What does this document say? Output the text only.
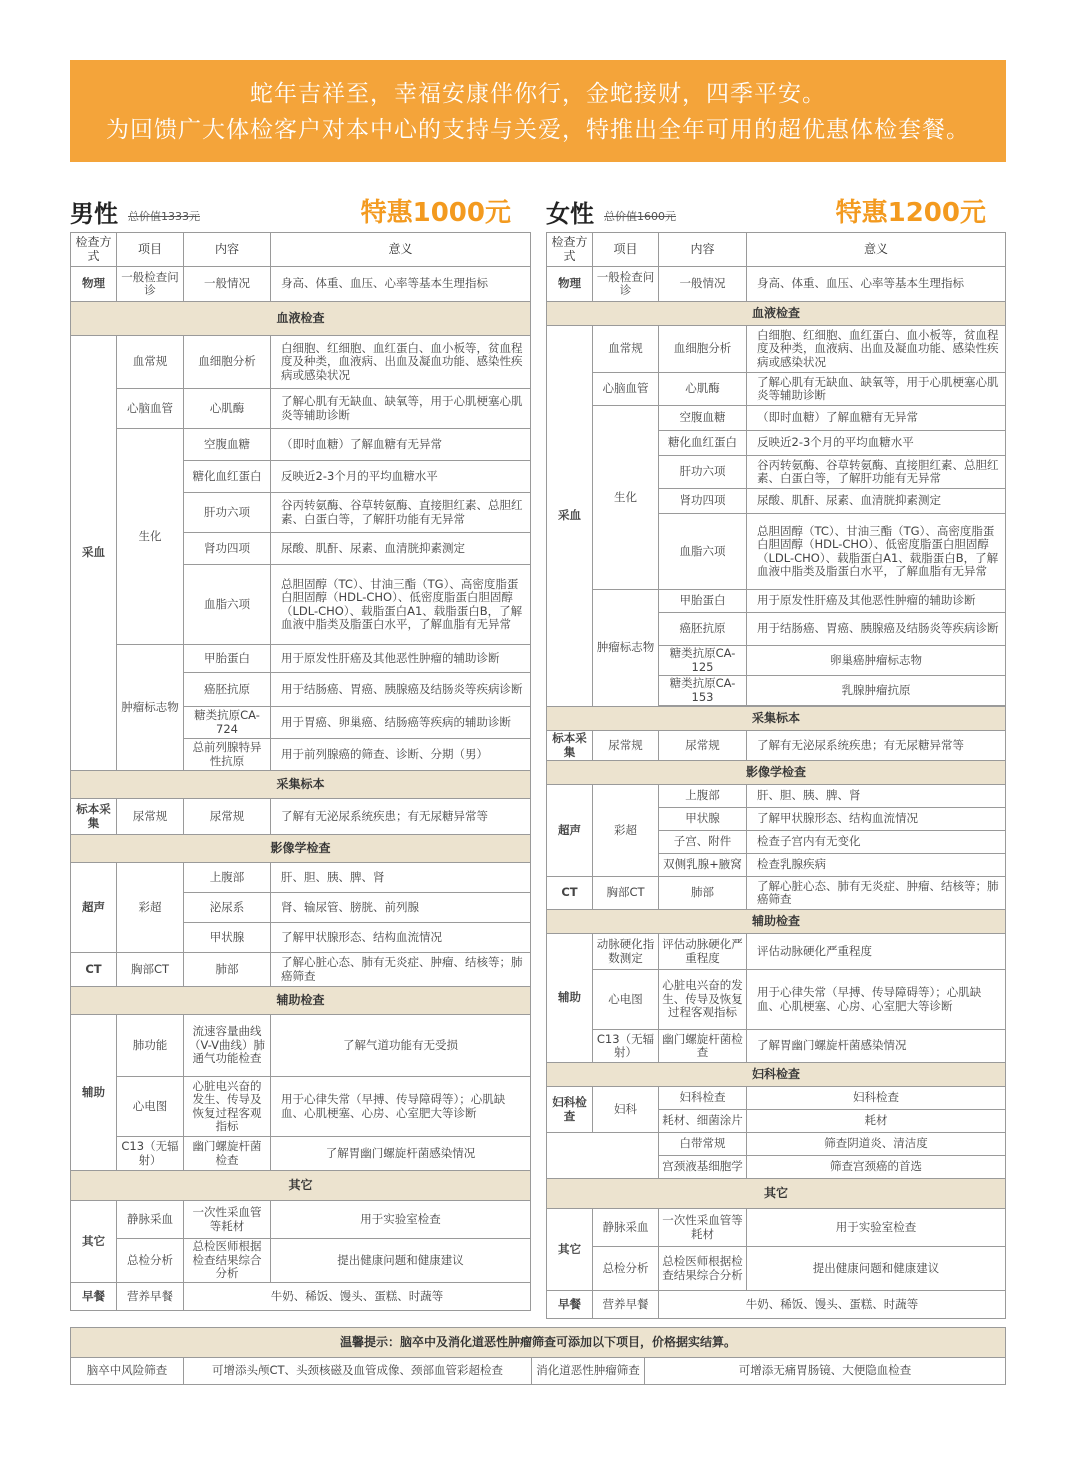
蛇年吉祥至，幸福安康伴你行，金蛇接财，四季平安。
为回馈广大体检客户对本中心的支持与关爱，特推出全年可用的超优惠体检套餐。
男性 总价值1333元	特惠1000元
检查方式	项目	内容	意义
物理	一般检查问诊	一般情况	身高、体重、血压、心率等基本生理指标
血液检查			
采血	血常规	血细胞分析	白细胞、红细胞、血红蛋白、血小板等，贫血程度及种类，血液病、出血及凝血功能、感染性疾病或感染状况
	心脑血管	心肌酶	了解心肌有无缺血、缺氧等，用于心肌梗塞心肌炎等辅助诊断
	生化	空腹血糖	（即时血糖）了解血糖有无异常
		糖化血红蛋白	反映近2-3个月的平均血糖水平
		肝功六项	谷丙转氨酶、谷草转氨酶、直接胆红素、总胆红素、白蛋白等，了解肝功能有无异常
		肾功四项	尿酸、肌酐、尿素、血清胱抑素测定
		血脂六项	总胆固醇（TC）、甘油三酯（TG）、高密度脂蛋白胆固醇（HDL-CHO）、低密度脂蛋白胆固醇（LDL-CHO）、载脂蛋白A1、载脂蛋白B，了解血液中脂类及脂蛋白水平，了解血脂有无异常
	肿瘤标志物	甲胎蛋白	用于原发性肝癌及其他恶性肿瘤的辅助诊断
		癌胚抗原	用于结肠癌、胃癌、胰腺癌及结肠炎等疾病诊断
		糖类抗原CA-724	用于胃癌、卵巢癌、结肠癌等疾病的辅助诊断
		总前列腺特异性抗原	用于前列腺癌的筛查、诊断、分期（男）
采集标本			
标本采集	尿常规	尿常规	了解有无泌尿系统疾患；有无尿糖异常等
影像学检查			
超声	彩超	上腹部	肝、胆、胰、脾、肾
		泌尿系	肾、输尿管、膀胱、前列腺
		甲状腺	了解甲状腺形态、结构血流情况
CT	胸部CT	肺部	了解心脏心态、肺有无炎症、肿瘤、结核等；肺癌筛查
辅助检查			
辅助	肺功能	流速容量曲线（V-V曲线）肺通气功能检查	了解气道功能有无受损
	心电图	心脏电兴奋的发生、传导及恢复过程客观指标	用于心律失常（早搏、传导障碍等）；心肌缺血、心肌梗塞、心房、心室肥大等诊断
	C13（无辐射）	幽门螺旋杆菌检查	了解胃幽门螺旋杆菌感染情况
其它			
其它	静脉采血	一次性采血管等耗材	用于实验室检查
	总检分析	总检医师根据检查结果综合分析	提出健康问题和健康建议
早餐	营养早餐	牛奶、稀饭、馒头、蛋糕、时蔬等	
女性 总价值1600元	特惠1200元
检查方式	项目	内容	意义
物理	一般检查问诊	一般情况	身高、体重、血压、心率等基本生理指标
血液检查			
采血	血常规	血细胞分析	白细胞、红细胞、血红蛋白、血小板等，贫血程度及种类，血液病、出血及凝血功能、感染性疾病或感染状况
	心脑血管	心肌酶	了解心肌有无缺血、缺氧等，用于心肌梗塞心肌炎等辅助诊断
	生化	空腹血糖	（即时血糖）了解血糖有无异常
		糖化血红蛋白	反映近2-3个月的平均血糖水平
		肝功六项	谷丙转氨酶、谷草转氨酶、直接胆红素、总胆红素、白蛋白等，了解肝功能有无异常
		肾功四项	尿酸、肌酐、尿素、血清胱抑素测定
		血脂六项	总胆固醇（TC）、甘油三酯（TG）、高密度脂蛋白胆固醇（HDL-CHO）、低密度脂蛋白胆固醇（LDL-CHO）、载脂蛋白A1、载脂蛋白B，了解血液中脂类及脂蛋白水平，了解血脂有无异常
	肿瘤标志物	甲胎蛋白	用于原发性肝癌及其他恶性肿瘤的辅助诊断
		癌胚抗原	用于结肠癌、胃癌、胰腺癌及结肠炎等疾病诊断
		糖类抗原CA-125	卵巢癌肿瘤标志物
		糖类抗原CA-153	乳腺肿瘤抗原

采集标本			
标本采集	尿常规	尿常规	了解有无泌尿系统疾患；有无尿糖异常等
影像学检查			
超声	彩超	上腹部	肝、胆、胰、脾、肾
		甲状腺	了解甲状腺形态、结构血流情况
		子宫、附件	检查子宫内有无变化
		双侧乳腺+腋窝	检查乳腺疾病
CT	胸部CT	肺部	了解心脏心态、肺有无炎症、肿瘤、结核等；肺癌筛查
辅助检查			
辅助	动脉硬化指数测定	评估动脉硬化严重程度	评估动脉硬化严重程度
	心电图	心脏电兴奋的发生、传导及恢复过程客观指标	用于心律失常（早搏、传导障碍等）；心肌缺血、心肌梗塞、心房、心室肥大等诊断
	C13（无辐射）	幽门螺旋杆菌检查	了解胃幽门螺旋杆菌感染情况
妇科检查			
妇科检查	妇科	妇科检查	妇科检查
		耗材、细菌涂片	耗材
		白带常规	筛查阴道炎、清洁度
		宫颈液基细胞学	筛查宫颈癌的首选
其它			
其它	静脉采血	一次性采血管等耗材	用于实验室检查
	总检分析	总检医师根据检查结果综合分析	提出健康问题和健康建议
早餐	营养早餐	牛奶、稀饭、馒头、蛋糕、时蔬等	
温馨提示：脑卒中及消化道恶性肿瘤筛查可添加以下项目，价格据实结算。
脑卒中风险筛查	可增添头颅CT、头颈核磁及血管成像、颈部血管彩超检查	消化道恶性肿瘤筛查	可增添无痛胃肠镜、大便隐血检查
